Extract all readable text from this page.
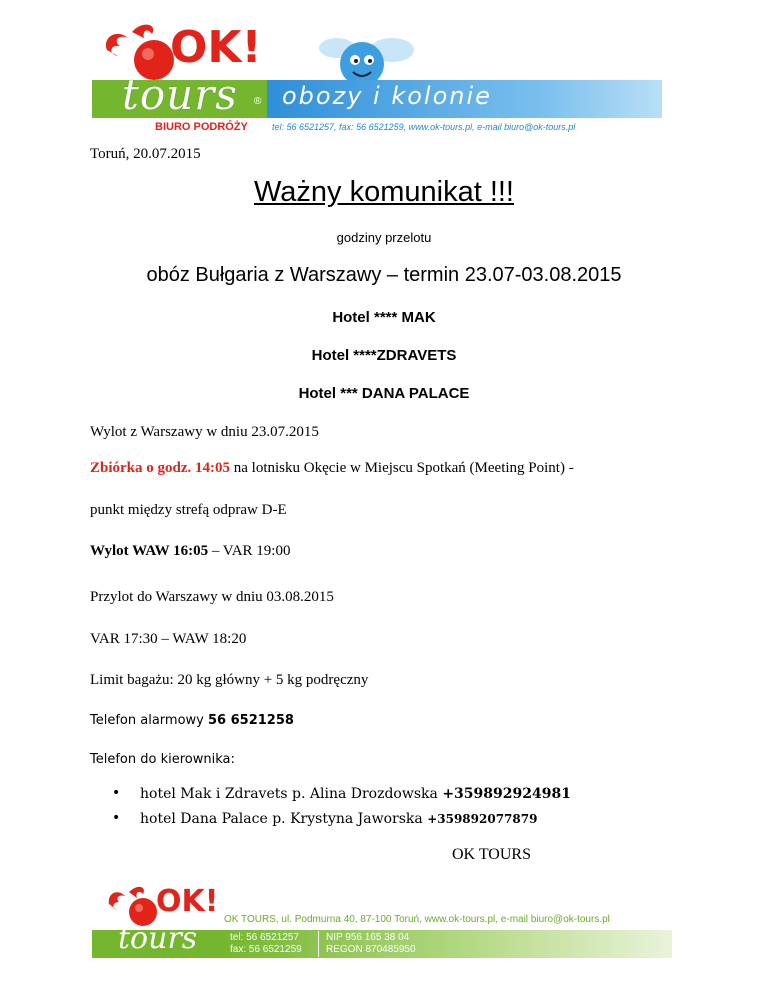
OK!
tours ® obozy i kolonie
BIURO PODRÓŻY	tel: 56 6521257, fax: 56 6521259, www.ok-tours.pl, e-mail biuro@ok-tours.pl
Toruń, 20.07.2015
Ważny komunikat !!!
godziny przelotu
obóz Bułgaria z Warszawy – termin 23.07-03.08.2015
Hotel **** MAK
Hotel ****ZDRAVETS
Hotel *** DANA PALACE
Wylot z Warszawy w dniu 23.07.2015
Zbiórka o godz. 14:05 na lotnisku Okęcie w Miejscu Spotkań (Meeting Point) -
punkt między strefą odpraw D-E
Wylot WAW 16:05 – VAR 19:00
Przylot do Warszawy w dniu 03.08.2015
VAR 17:30 – WAW 18:20
Limit bagażu: 20 kg główny + 5 kg podręczny
Telefon alarmowy 56 6521258
Telefon do kierownika:
• hotel Mak i Zdravets p. Alina Drozdowska +359892924981
• hotel Dana Palace p. Krystyna Jaworska +359892077879
OK TOURS
OK!
tours
OK TOURS, ul. Podmurna 40, 87-100 Toruń, www.ok-tours.pl, e-mail biuro@ok-tours.pl
tel: 56 6521257
fax: 56 6521259
NIP 956 165 38 04
REGON 870485950
